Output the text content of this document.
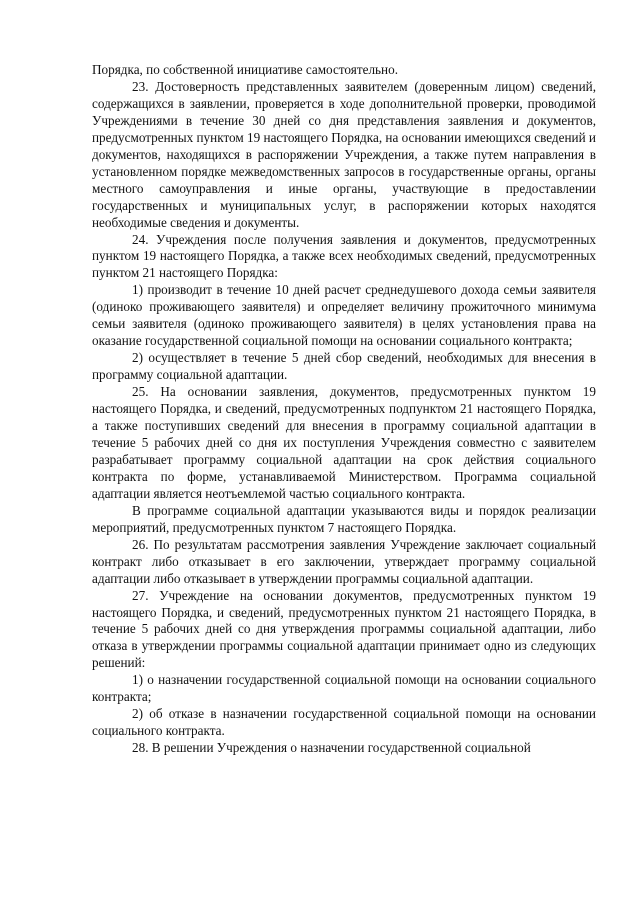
Порядка, по собственной инициативе самостоятельно.

23. Достоверность представленных заявителем (доверенным лицом) сведений, содержащихся в заявлении, проверяется в ходе дополнительной проверки, проводимой Учреждениями в течение 30 дней со дня представления заявления и документов, предусмотренных пунктом 19 настоящего Порядка, на основании имеющихся сведений и документов, находящихся в распоряжении Учреждения, а также путем направления в установленном порядке межведомственных запросов в государственные органы, органы местного самоуправления и иные органы, участвующие в предоставлении государственных и муниципальных услуг, в распоряжении которых находятся необходимые сведения и документы.

24. Учреждения после получения заявления и документов, предусмотренных пунктом 19 настоящего Порядка, а также всех необходимых сведений, предусмотренных пунктом 21 настоящего Порядка:

1) производит в течение 10 дней расчет среднедушевого дохода семьи заявителя (одиноко проживающего заявителя) и определяет величину прожиточного минимума семьи заявителя (одиноко проживающего заявителя) в целях установления права на оказание государственной социальной помощи на основании социального контракта;

2) осуществляет в течение 5 дней сбор сведений, необходимых для внесения в программу социальной адаптации.

25. На основании заявления, документов, предусмотренных пунктом 19 настоящего Порядка, и сведений, предусмотренных подпунктом 21 настоящего Порядка, а также поступивших сведений для внесения в программу социальной адаптации в течение 5 рабочих дней со дня их поступления Учреждения совместно с заявителем разрабатывает программу социальной адаптации на срок действия социального контракта по форме, устанавливаемой Министерством. Программа социальной адаптации является неотъемлемой частью социального контракта.

В программе социальной адаптации указываются виды и порядок реализации мероприятий, предусмотренных пунктом 7 настоящего Порядка.

26. По результатам рассмотрения заявления Учреждение заключает социальный контракт либо отказывает в его заключении, утверждает программу социальной адаптации либо отказывает в утверждении программы социальной адаптации.

27. Учреждение на основании документов, предусмотренных пунктом 19 настоящего Порядка, и сведений, предусмотренных пунктом 21 настоящего Порядка, в течение 5 рабочих дней со дня утверждения программы социальной адаптации, либо отказа в утверждении программы социальной адаптации принимает одно из следующих решений:

1) о назначении государственной социальной помощи на основании социального контракта;

2) об отказе в назначении государственной социальной помощи на основании социального контракта.

28. В решении Учреждения о назначении государственной социальной
